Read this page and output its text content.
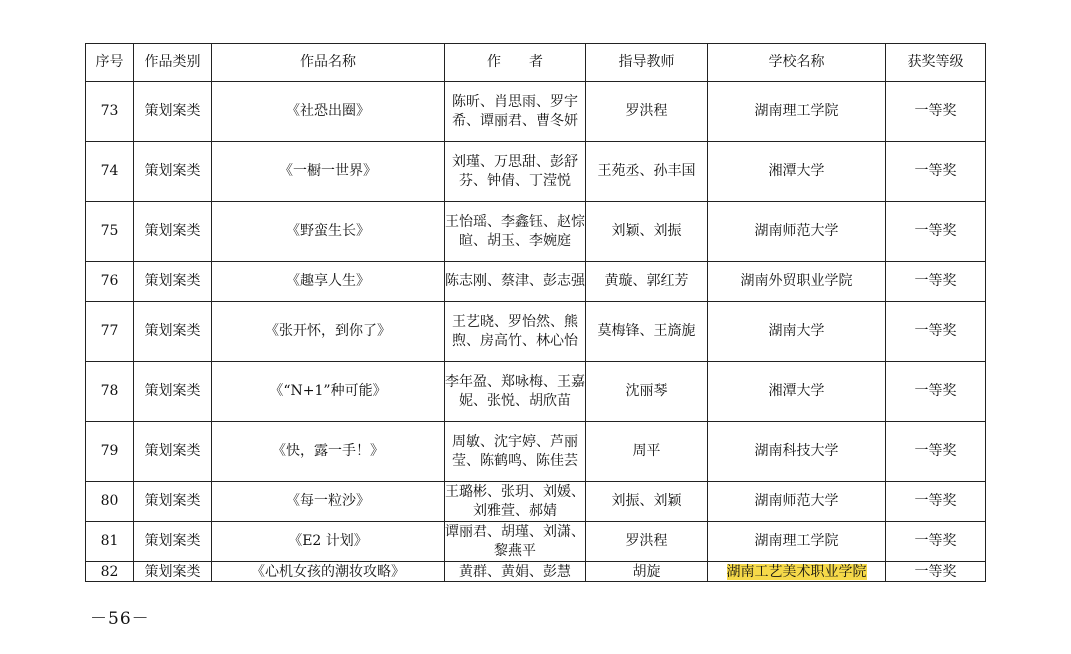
序号	作品类别	作品名称	作　　者	指导教师	学校名称	获奖等级
73	策划案类	《社恐出圈》	陈昕、肖思雨、罗宇希、谭丽君、曹冬妍	罗洪程	湖南理工学院	一等奖
74	策划案类	《一橱一世界》	刘瑾、万思甜、彭舒芬、钟倩、丁滢悦	王苑丞、孙丰国	湘潭大学	一等奖
75	策划案类	《野蛮生长》	王怡瑶、李鑫钰、赵悰暄、胡玉、李婉庭	刘颖、刘振	湖南师范大学	一等奖
76	策划案类	《趣享人生》	陈志刚、蔡津、彭志强	黄璇、郭红芳	湖南外贸职业学院	一等奖
77	策划案类	《张开怀，到你了》	王艺晓、罗怡然、熊煦、房高竹、林心怡	莫梅锋、王旖旎	湖南大学	一等奖
78	策划案类	《“N+1”种可能》	李年盈、郑咏梅、王嘉妮、张悦、胡欣苗	沈丽琴	湘潭大学	一等奖
79	策划案类	《快，露一手！》	周敏、沈宇婷、芦丽莹、陈鹤鸣、陈佳芸	周平	湖南科技大学	一等奖
80	策划案类	《每一粒沙》	王璐彬、张玥、刘媛、刘雅萱、郝婧	刘振、刘颖	湖南师范大学	一等奖
81	策划案类	《E2 计划》	谭丽君、胡瑾、刘潇、黎燕平	罗洪程	湖南理工学院	一等奖
82	策划案类	《心机女孩的潮妆攻略》	黄群、黄娟、彭慧	胡旋	湖南工艺美术职业学院	一等奖
－56－
